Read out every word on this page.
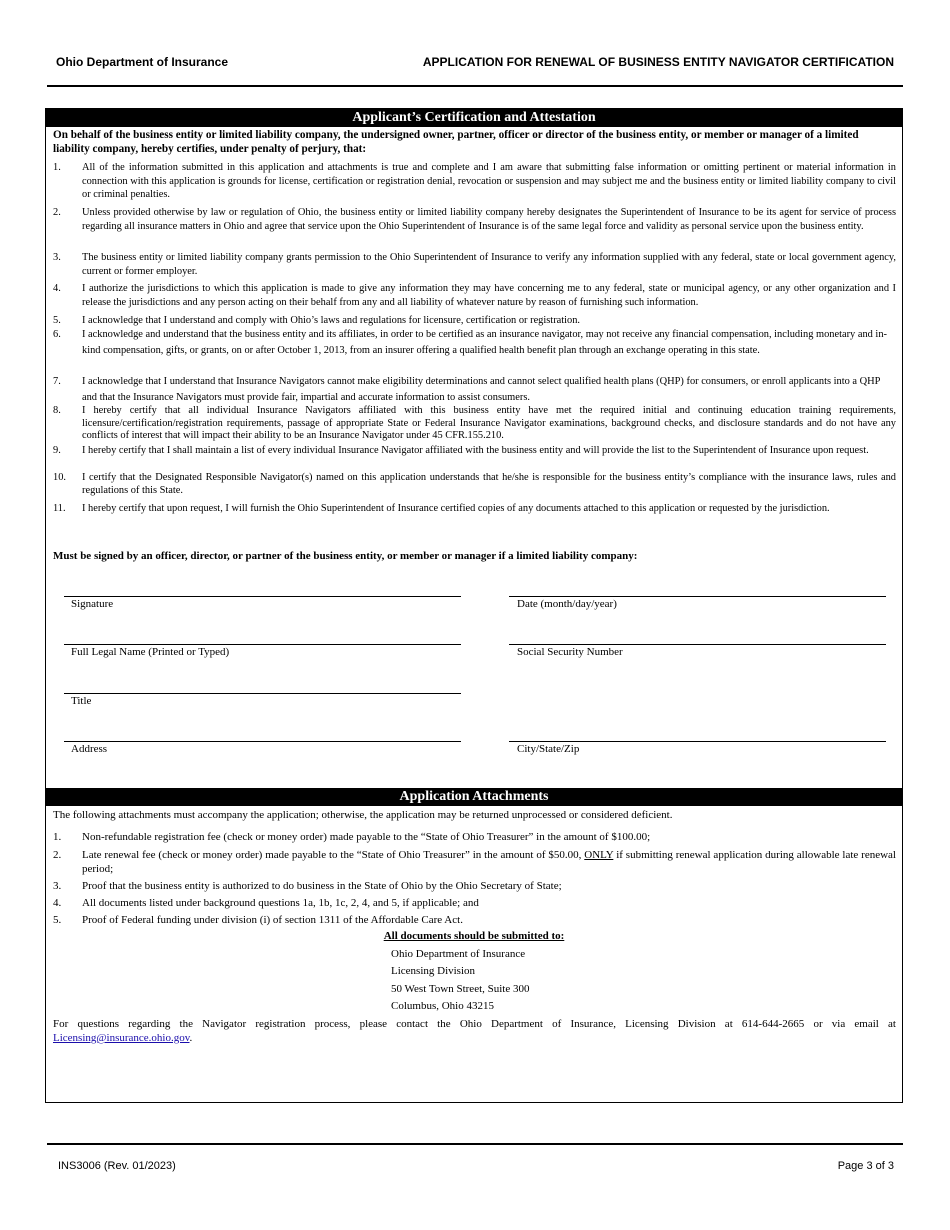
Ohio Department of Insurance	APPLICATION FOR RENEWAL OF BUSINESS ENTITY NAVIGATOR CERTIFICATION
Applicant’s Certification and Attestation
On behalf of the business entity or limited liability company, the undersigned owner, partner, officer or director of the business entity, or member or manager of a limited liability company, hereby certifies, under penalty of perjury, that:
1. All of the information submitted in this application and attachments is true and complete and I am aware that submitting false information or omitting pertinent or material information in connection with this application is grounds for license, certification or registration denial, revocation or suspension and may subject me and the business entity or limited liability company to civil or criminal penalties.
2. Unless provided otherwise by law or regulation of Ohio, the business entity or limited liability company hereby designates the Superintendent of Insurance to be its agent for service of process regarding all insurance matters in Ohio and agree that service upon the Ohio Superintendent of Insurance is of the same legal force and validity as personal service upon the business entity.
3. The business entity or limited liability company grants permission to the Ohio Superintendent of Insurance to verify any information supplied with any federal, state or local government agency, current or former employer.
4. I authorize the jurisdictions to which this application is made to give any information they may have concerning me to any federal, state or municipal agency, or any other organization and I release the jurisdictions and any person acting on their behalf from any and all liability of whatever nature by reason of furnishing such information.
5. I acknowledge that I understand and comply with Ohio’s laws and regulations for licensure, certification or registration.
6. I acknowledge and understand that the business entity and its affiliates, in order to be certified as an insurance navigator, may not receive any financial compensation, including monetary and in-kind compensation, gifts, or grants, on or after October 1, 2013, from an insurer offering a qualified health benefit plan through an exchange operating in this state.
7. I acknowledge that I understand that Insurance Navigators cannot make eligibility determinations and cannot select qualified health plans (QHP) for consumers, or enroll applicants into a QHP and that the Insurance Navigators must provide fair, impartial and accurate information to assist consumers.
8. I hereby certify that all individual Insurance Navigators affiliated with this business entity have met the required initial and continuing education training requirements, licensure/certification/registration requirements, passage of appropriate State or Federal Insurance Navigator examinations, background checks, and disclosure standards and do not have any conflicts of interest that will impact their ability to be an Insurance Navigator under 45 CFR.155.210.
9. I hereby certify that I shall maintain a list of every individual Insurance Navigator affiliated with the business entity and will provide the list to the Superintendent of Insurance upon request.
10. I certify that the Designated Responsible Navigator(s) named on this application understands that he/she is responsible for the business entity’s compliance with the insurance laws, rules and regulations of this State.
11. I hereby certify that upon request, I will furnish the Ohio Superintendent of Insurance certified copies of any documents attached to this application or requested by the jurisdiction.
Must be signed by an officer, director, or partner of the business entity, or member or manager if a limited liability company:
Signature	Date (month/day/year)
Full Legal Name (Printed or Typed)	Social Security Number
Title
Address	City/State/Zip
Application Attachments
The following attachments must accompany the application; otherwise, the application may be returned unprocessed or considered deficient.
1. Non-refundable registration fee (check or money order) made payable to the “State of Ohio Treasurer” in the amount of $100.00;
2. Late renewal fee (check or money order) made payable to the “State of Ohio Treasurer” in the amount of $50.00, ONLY if submitting renewal application during allowable late renewal period;
3. Proof that the business entity is authorized to do business in the State of Ohio by the Ohio Secretary of State;
4. All documents listed under background questions 1a, 1b, 1c, 2, 4, and 5, if applicable; and
5. Proof of Federal funding under division (i) of section 1311 of the Affordable Care Act.
All documents should be submitted to:
Ohio Department of Insurance
Licensing Division
50 West Town Street, Suite 300
Columbus, Ohio 43215
For questions regarding the Navigator registration process, please contact the Ohio Department of Insurance, Licensing Division at 614-644-2665 or via email at Licensing@insurance.ohio.gov.
INS3006 (Rev. 01/2023)	Page 3 of 3
